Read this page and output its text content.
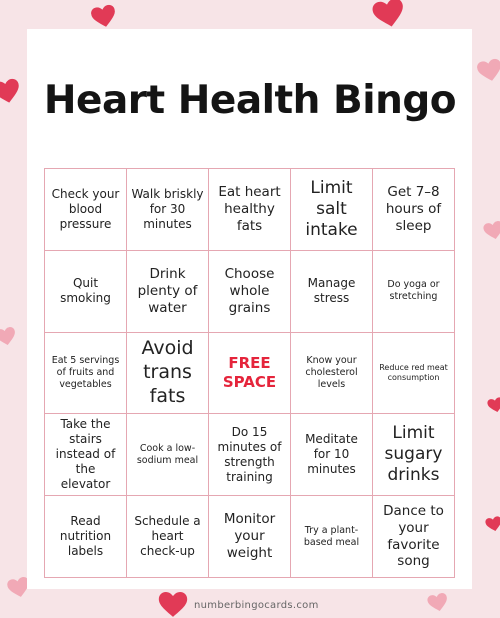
Heart Health Bingo
Check your blood pressure
Walk briskly for 30 minutes
Eat heart healthy fats
Limit salt intake
Get 7–8 hours of sleep
Quit smoking
Drink plenty of water
Choose whole grains
Manage stress
Do yoga or stretching
Eat 5 servings of fruits and vegetables
Avoid trans fats
FREE SPACE
Know your cholesterol levels
Reduce red meat consumption
Take the stairs instead of the elevator
Cook a low-sodium meal
Do 15 minutes of strength training
Meditate for 10 minutes
Limit sugary drinks
Read nutrition labels
Schedule a heart check-up
Monitor your weight
Try a plant-based meal
Dance to your favorite song
numberbingocards.com
